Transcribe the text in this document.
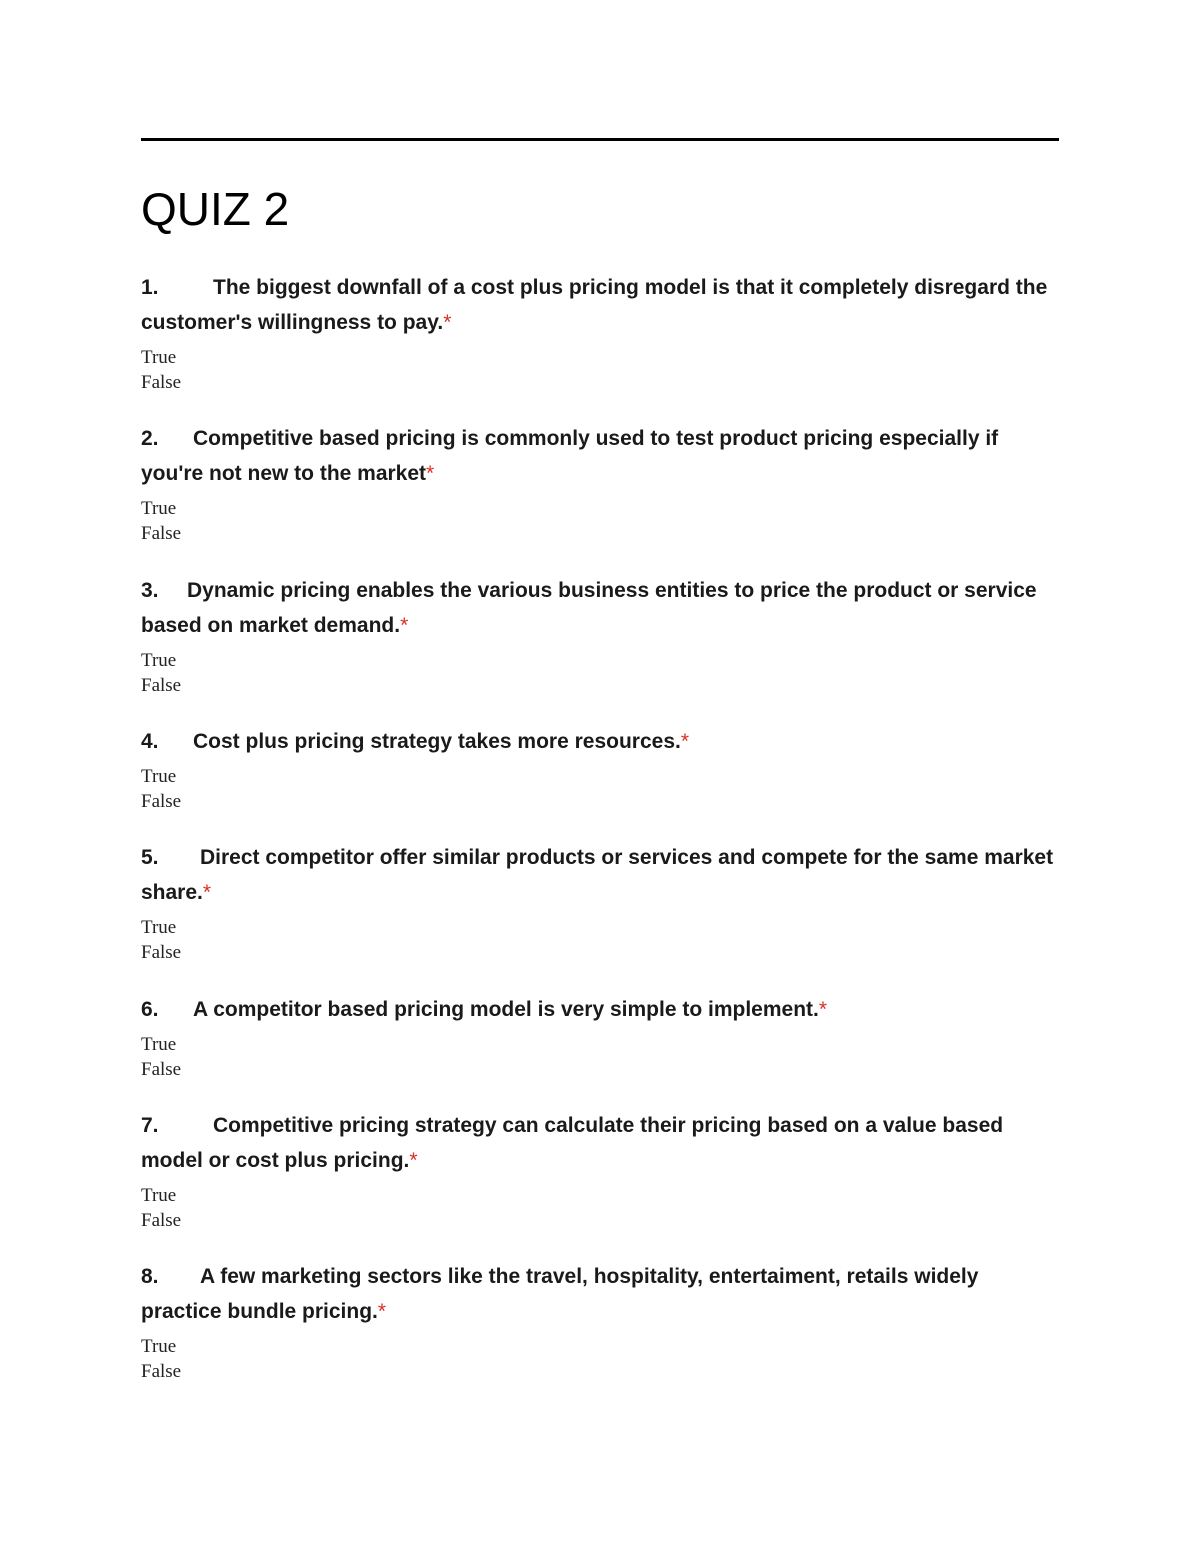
QUIZ 2

1.	The biggest downfall of a cost plus pricing model is that it completely disregard the customer's willingness to pay.*

True
False

2. Competitive based pricing is commonly used to test product pricing especially if you're not new to the market*

True
False

3. Dynamic pricing enables the various business entities to price the product or service based on market demand.*

True
False

4. Cost plus pricing strategy takes more resources.*

True
False

5. Direct competitor offer similar products or services and compete for the same market share.*

True
False

6. A competitor based pricing model is very simple to implement.*

True
False

7.	Competitive pricing strategy can calculate their pricing based on a value based model or cost plus pricing.*

True
False

8. A few marketing sectors like the travel, hospitality, entertaiment, retails widely practice bundle pricing.*

True
False
